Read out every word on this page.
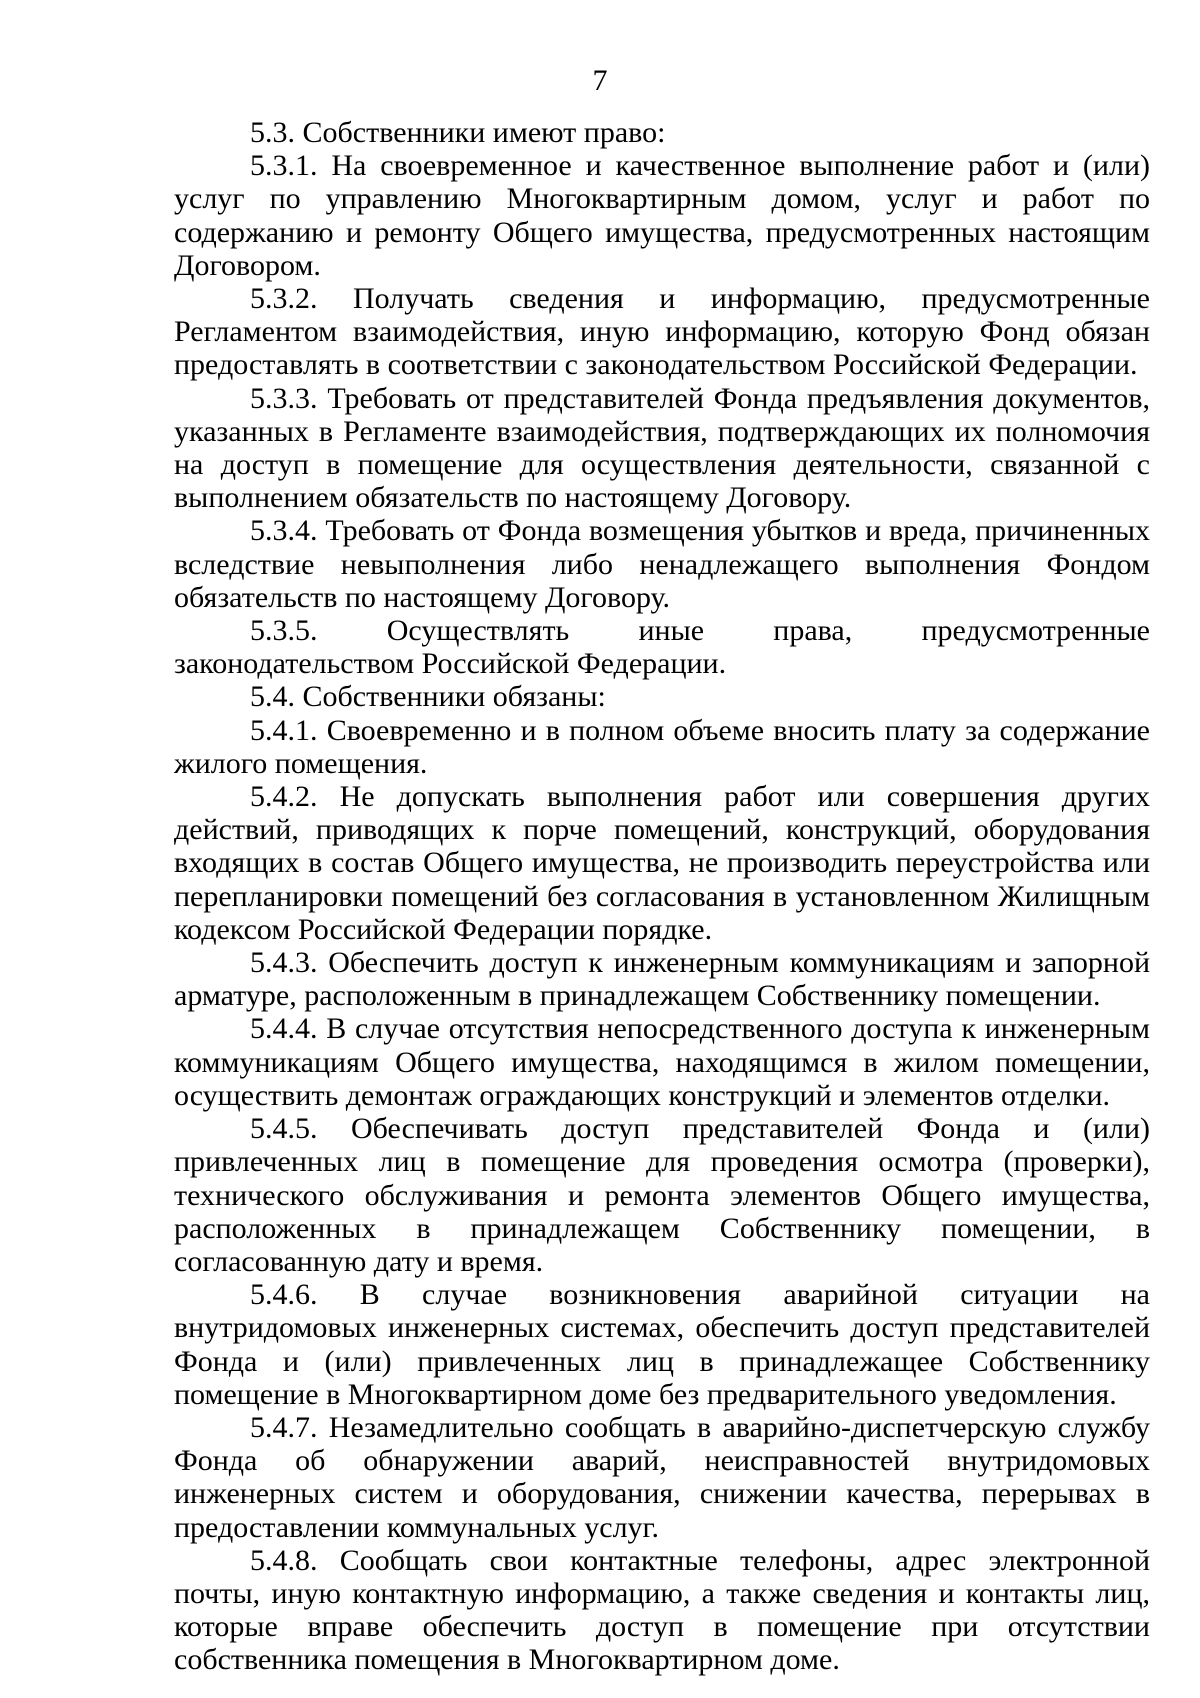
7

5.3. Собственники имеют право:

5.3.1. На своевременное и качественное выполнение работ и (или) услуг по управлению Многоквартирным домом, услуг и работ по содержанию и ремонту Общего имущества, предусмотренных настоящим Договором.

5.3.2. Получать сведения и информацию, предусмотренные Регламентом взаимодействия, иную информацию, которую Фонд обязан предоставлять в соответствии с законодательством Российской Федерации.

5.3.3. Требовать от представителей Фонда предъявления документов, указанных в Регламенте взаимодействия, подтверждающих их полномочия на доступ в помещение для осуществления деятельности, связанной с выполнением обязательств по настоящему Договору.

5.3.4. Требовать от Фонда возмещения убытков и вреда, причиненных вследствие невыполнения либо ненадлежащего выполнения Фондом обязательств по настоящему Договору.

5.3.5. Осуществлять иные права, предусмотренные законодательством Российской Федерации.

5.4. Собственники обязаны:

5.4.1. Своевременно и в полном объеме вносить плату за содержание жилого помещения.

5.4.2. Не допускать выполнения работ или совершения других действий, приводящих к порче помещений, конструкций, оборудования входящих в состав Общего имущества, не производить переустройства или перепланировки помещений без согласования в установленном Жилищным кодексом Российской Федерации порядке.

5.4.3. Обеспечить доступ к инженерным коммуникациям и запорной арматуре, расположенным в принадлежащем Собственнику помещении.

5.4.4. В случае отсутствия непосредственного доступа к инженерным коммуникациям Общего имущества, находящимся в жилом помещении, осуществить демонтаж ограждающих конструкций и элементов отделки.

5.4.5. Обеспечивать доступ представителей Фонда и (или) привлеченных лиц в помещение для проведения осмотра (проверки), технического обслуживания и ремонта элементов Общего имущества, расположенных в принадлежащем Собственнику помещении, в согласованную дату и время.

5.4.6. В случае возникновения аварийной ситуации на внутридомовых инженерных системах, обеспечить доступ представителей Фонда и (или) привлеченных лиц в принадлежащее Собственнику помещение в Многоквартирном доме без предварительного уведомления.

5.4.7. Незамедлительно сообщать в аварийно-диспетчерскую службу Фонда об обнаружении аварий, неисправностей внутридомовых инженерных систем и оборудования, снижении качества, перерывах в предоставлении коммунальных услуг.

5.4.8. Сообщать свои контактные телефоны, адрес электронной почты, иную контактную информацию, а также сведения и контакты лиц, которые вправе обеспечить доступ в помещение при отсутствии собственника помещения в Многоквартирном доме.
